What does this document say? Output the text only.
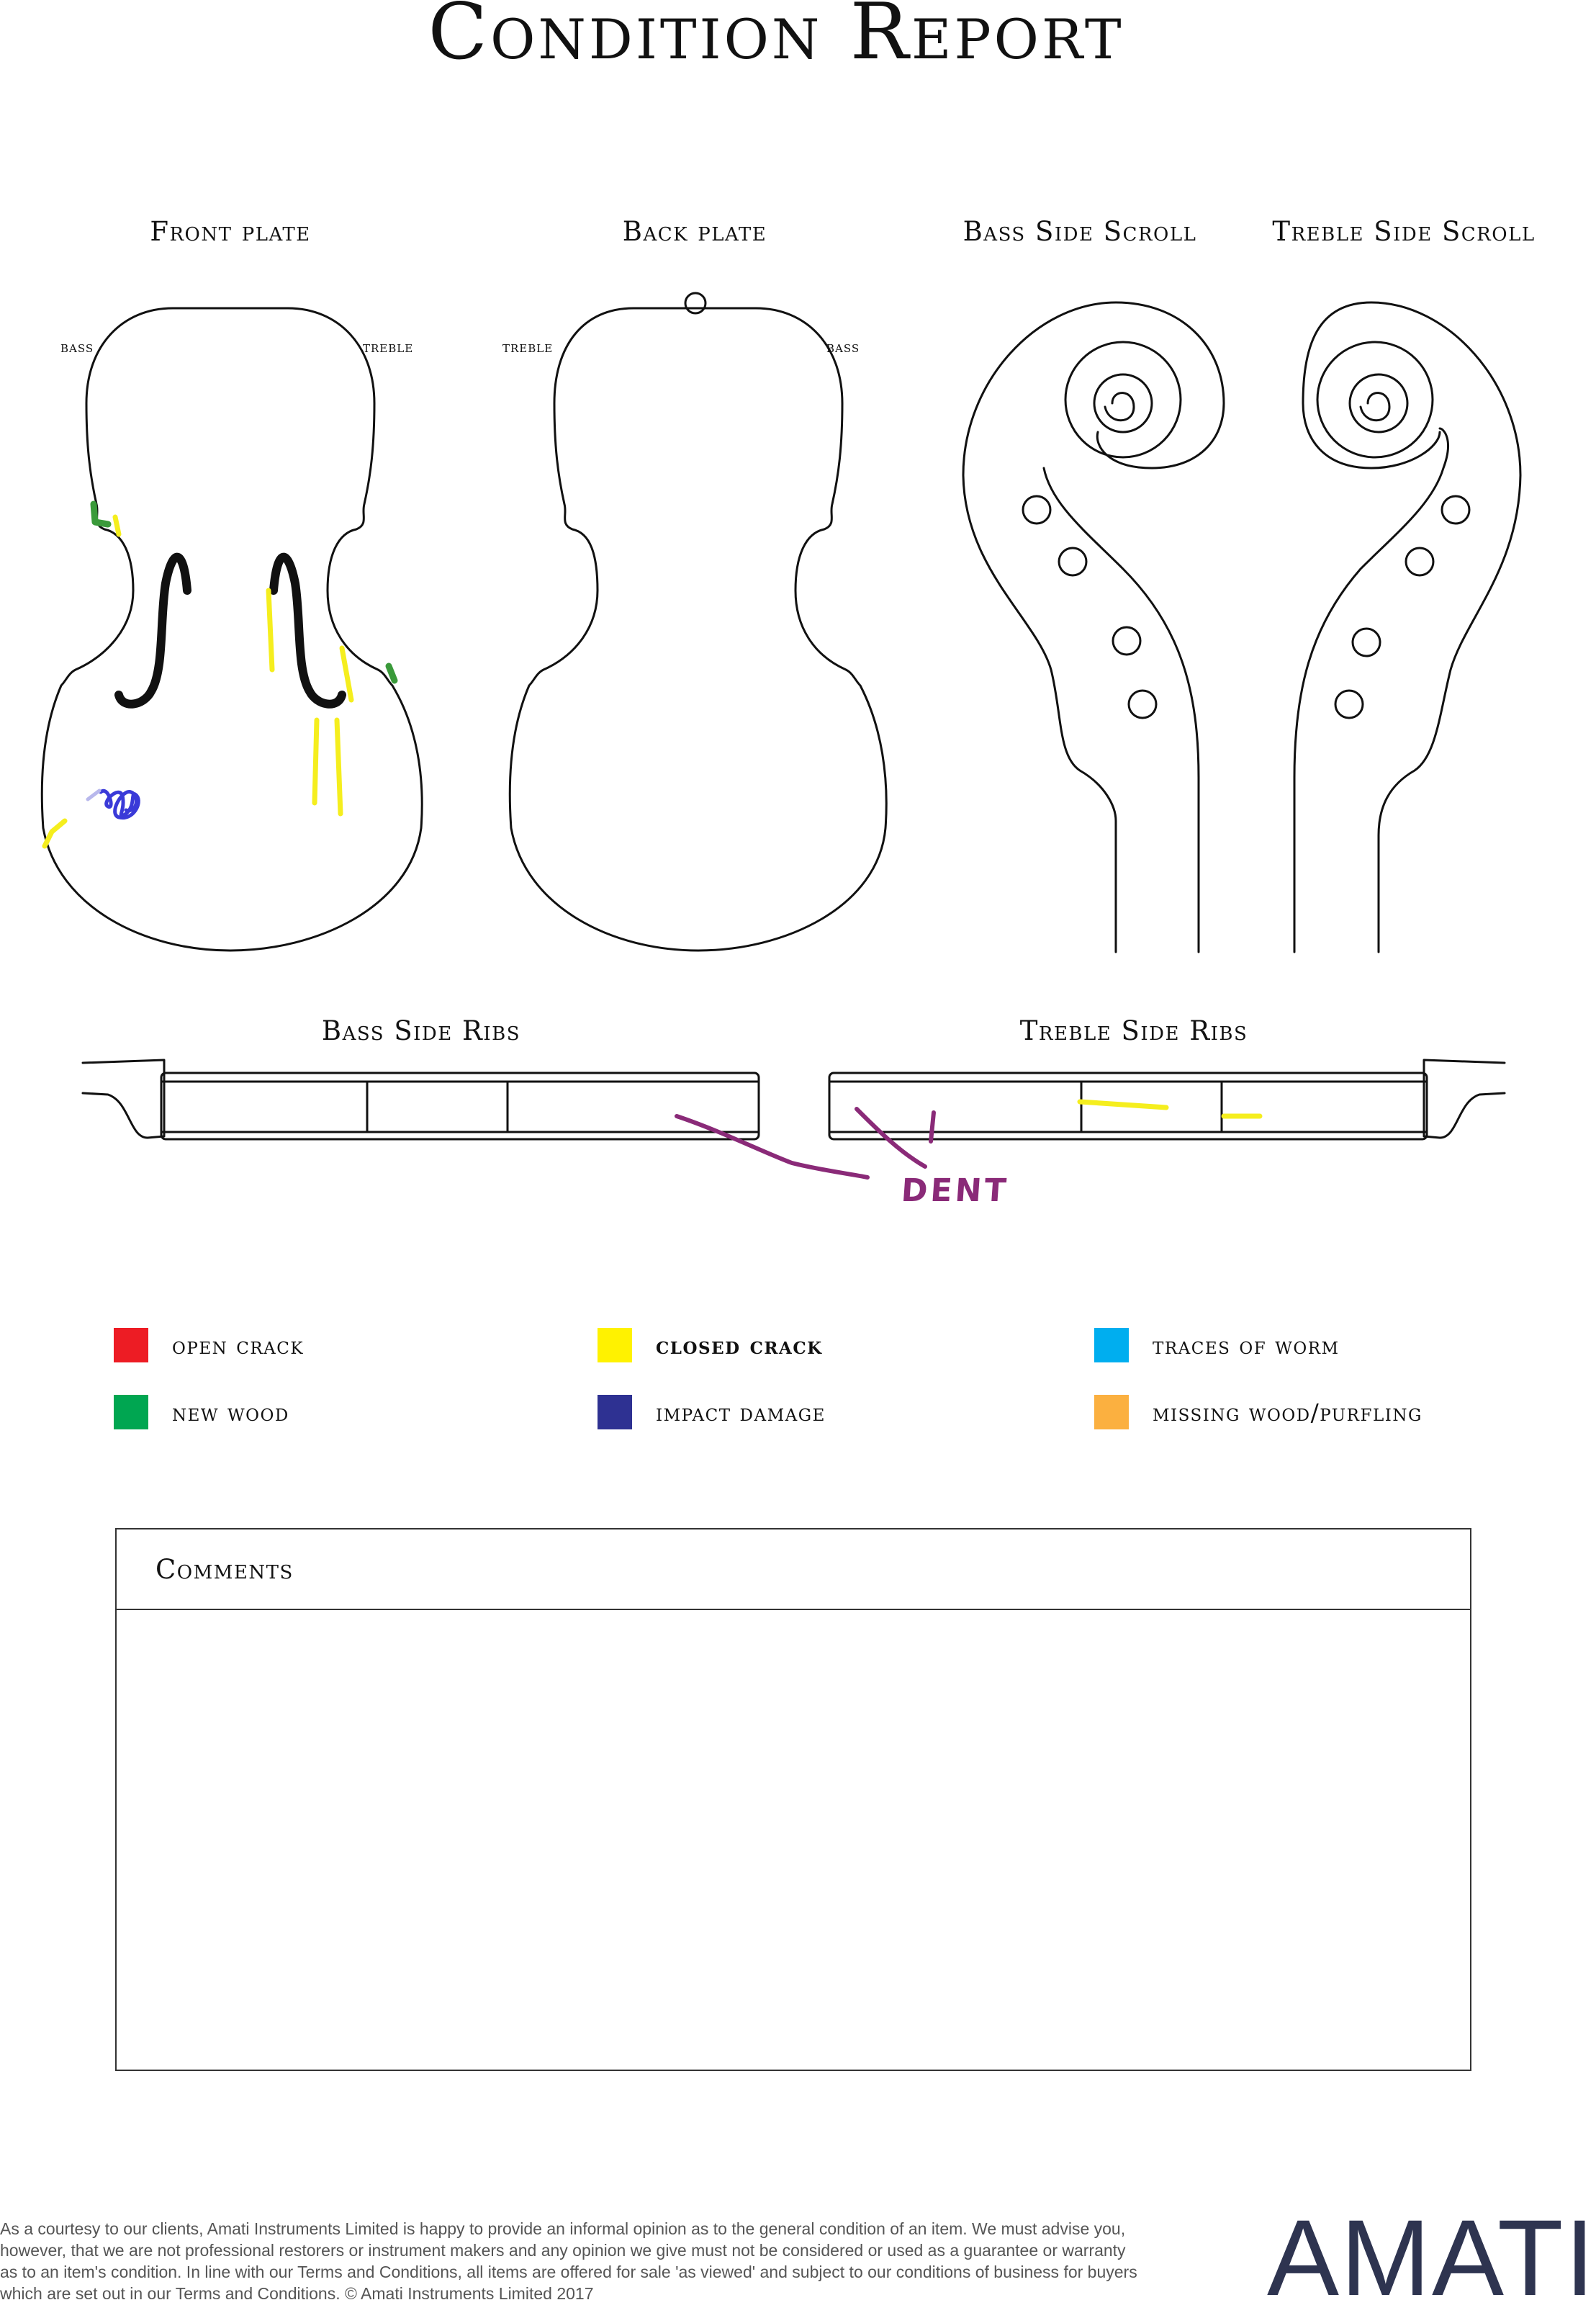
Condition Report
Front plate	Back plate	Bass Side Scroll	Treble Side Scroll
bass	treble	treble	bass
Bass Side Ribs	Treble Side Ribs
DENT
open crack	closed crack	traces of worm
new wood	impact damage	missing wood/purfling
Comments
As a courtesy to our clients, Amati Instruments Limited is happy to provide an informal opinion as to the general condition of an item. We must advise you, however, that we are not professional restorers or instrument makers and any opinion we give must not be considered or used as a guarantee or warranty as to an item's condition. In line with our Terms and Conditions, all items are offered for sale 'as viewed' and subject to our conditions of business for buyers which are set out in our Terms and Conditions. © Amati Instruments Limited 2017	AMATI
